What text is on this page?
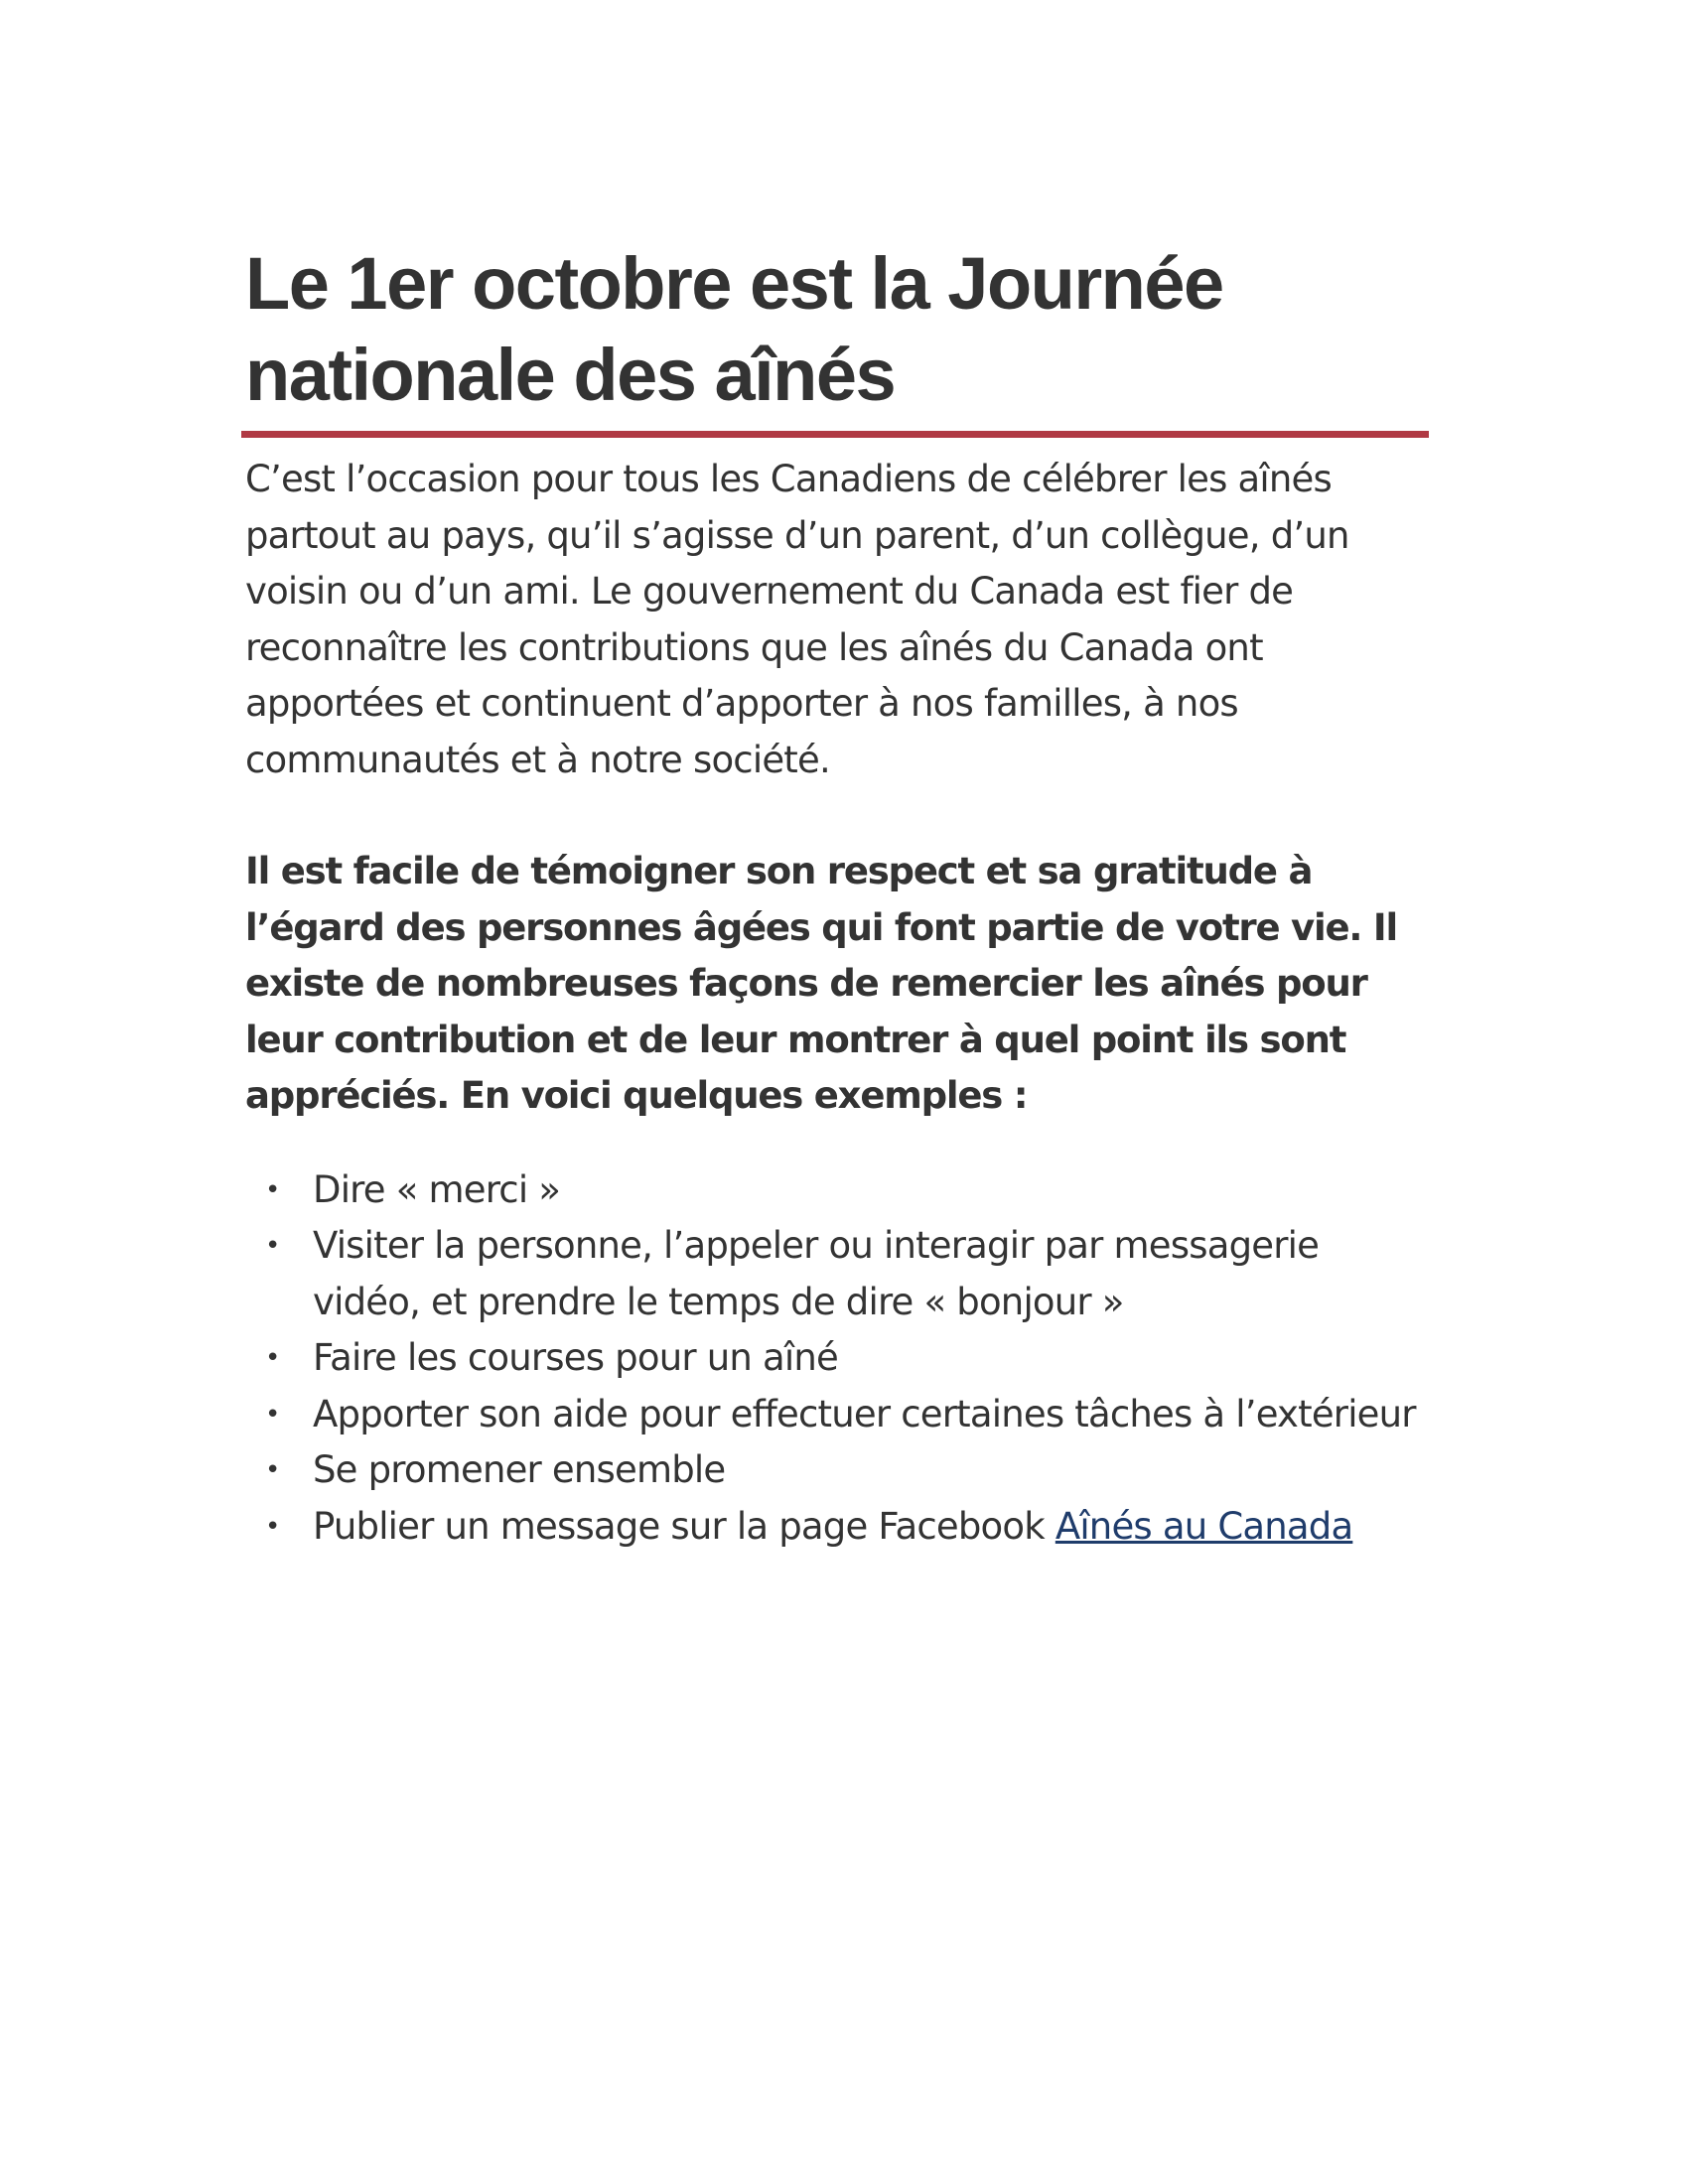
Le 1er octobre est la Journée nationale des aînés

C’est l’occasion pour tous les Canadiens de célébrer les aînés partout au pays, qu’il s’agisse d’un parent, d’un collègue, d’un voisin ou d’un ami. Le gouvernement du Canada est fier de reconnaître les contributions que les aînés du Canada ont apportées et continuent d’apporter à nos familles, à nos communautés et à notre société.

Il est facile de témoigner son respect et sa gratitude à l’égard des personnes âgées qui font partie de votre vie. Il existe de nombreuses façons de remercier les aînés pour leur contribution et de leur montrer à quel point ils sont appréciés. En voici quelques exemples :

• Dire « merci »
• Visiter la personne, l’appeler ou interagir par messagerie vidéo, et prendre le temps de dire « bonjour »
• Faire les courses pour un aîné
• Apporter son aide pour effectuer certaines tâches à l’extérieur
• Se promener ensemble
• Publier un message sur la page Facebook Aînés au Canada
